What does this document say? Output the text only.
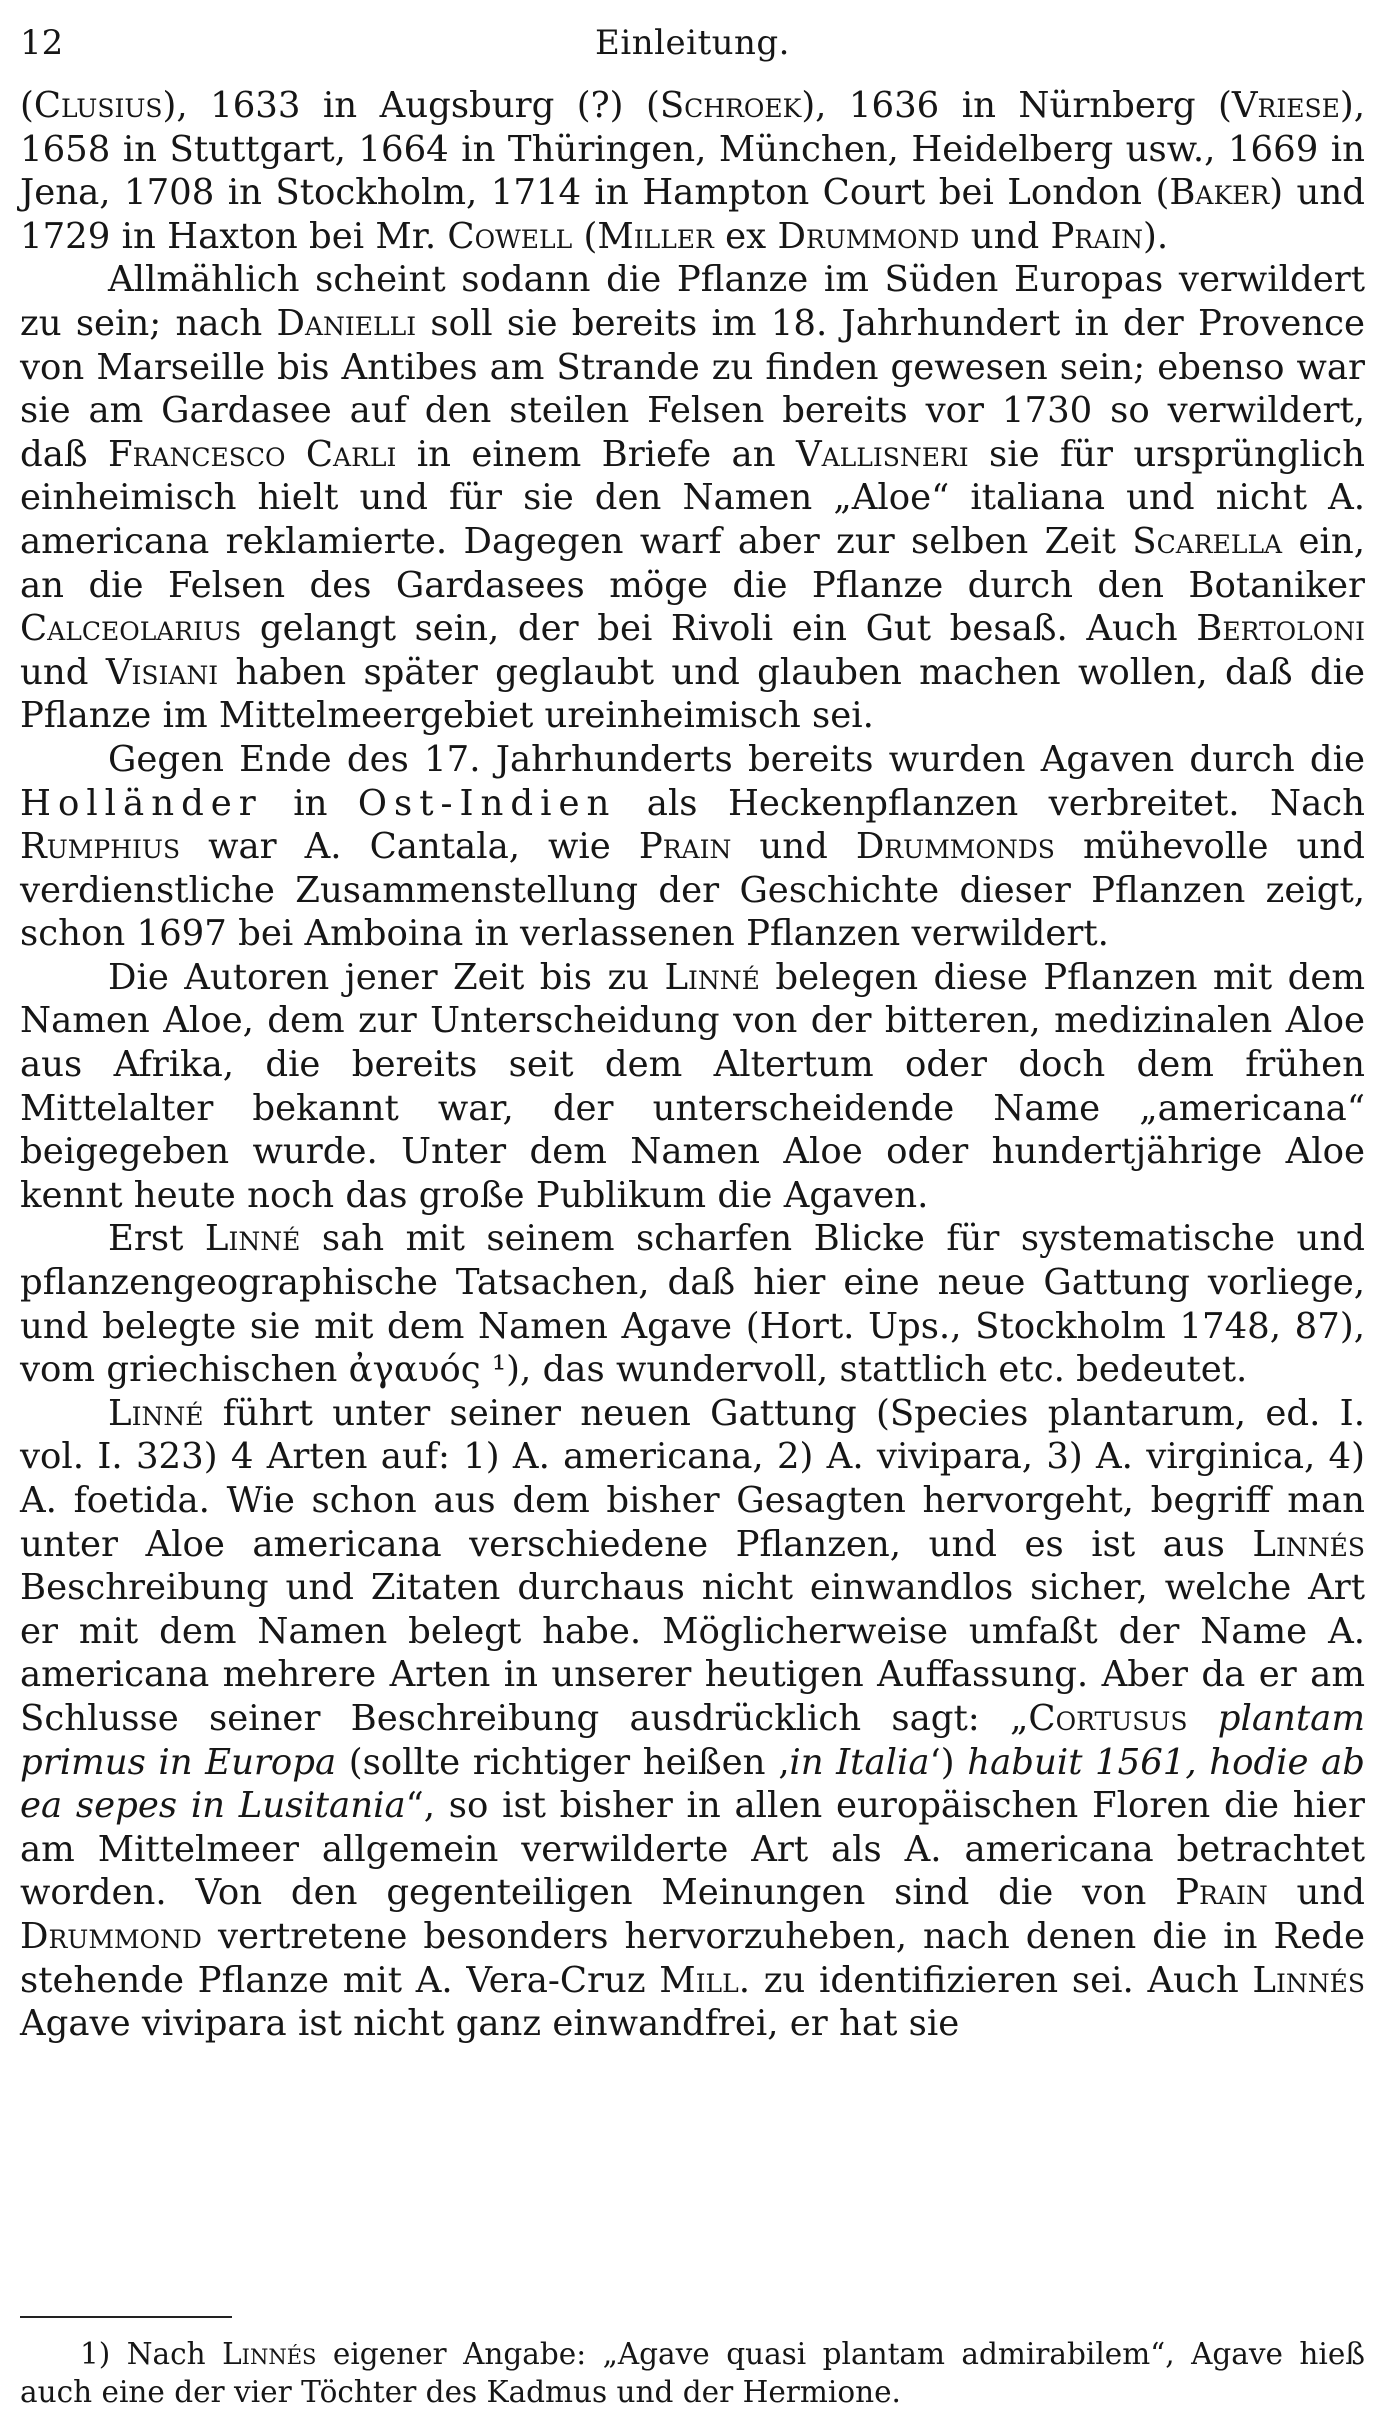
12	Einleitung.

(Clusius), 1633 in Augsburg (?) (Schroek), 1636 in Nürnberg (Vriese), 1658 in Stuttgart, 1664 in Thüringen, München, Heidelberg usw., 1669 in Jena, 1708 in Stockholm, 1714 in Hampton Court bei London (Baker) und 1729 in Haxton bei Mr. Cowell (Miller ex Drummond und Prain).

Allmählich scheint sodann die Pflanze im Süden Europas verwildert zu sein; nach Danielli soll sie bereits im 18. Jahrhundert in der Provence von Marseille bis Antibes am Strande zu finden gewesen sein; ebenso war sie am Gardasee auf den steilen Felsen bereits vor 1730 so verwildert, daß Francesco Carli in einem Briefe an Vallisneri sie für ursprünglich einheimisch hielt und für sie den Namen „Aloe“ italiana und nicht A. americana reklamierte. Dagegen warf aber zur selben Zeit Scarella ein, an die Felsen des Gardasees möge die Pflanze durch den Botaniker Calceolarius gelangt sein, der bei Rivoli ein Gut besaß. Auch Bertoloni und Visiani haben später geglaubt und glauben machen wollen, daß die Pflanze im Mittelmeergebiet ureinheimisch sei.

Gegen Ende des 17. Jahrhunderts bereits wurden Agaven durch die Holländer in Ost-Indien als Heckenpflanzen verbreitet. Nach Rumphius war A. Cantala, wie Prain und Drummonds mühevolle und verdienstliche Zusammenstellung der Geschichte dieser Pflanzen zeigt, schon 1697 bei Amboina in verlassenen Pflanzen verwildert.

Die Autoren jener Zeit bis zu Linné belegen diese Pflanzen mit dem Namen Aloe, dem zur Unterscheidung von der bitteren, medizinalen Aloe aus Afrika, die bereits seit dem Altertum oder doch dem frühen Mittelalter bekannt war, der unterscheidende Name „americana“ beigegeben wurde. Unter dem Namen Aloe oder hundertjährige Aloe kennt heute noch das große Publikum die Agaven.

Erst Linné sah mit seinem scharfen Blicke für systematische und pflanzengeographische Tatsachen, daß hier eine neue Gattung vorliege, und belegte sie mit dem Namen Agave (Hort. Ups., Stockholm 1748, 87), vom griechischen ἀγαυός ¹), das wundervoll, stattlich etc. bedeutet.

Linné führt unter seiner neuen Gattung (Species plantarum, ed. I. vol. I. 323) 4 Arten auf: 1) A. americana, 2) A. vivipara, 3) A. virginica, 4) A. foetida. Wie schon aus dem bisher Gesagten hervorgeht, begriff man unter Aloe americana verschiedene Pflanzen, und es ist aus Linnés Beschreibung und Zitaten durchaus nicht einwandlos sicher, welche Art er mit dem Namen belegt habe. Möglicherweise umfaßt der Name A. americana mehrere Arten in unserer heutigen Auffassung. Aber da er am Schlusse seiner Beschreibung ausdrücklich sagt: „Cortusus plantam primus in Europa (sollte richtiger heißen ‚in Italia‘) habuit 1561, hodie ab ea sepes in Lusitania“, so ist bisher in allen europäischen Floren die hier am Mittelmeer allgemein verwilderte Art als A. americana betrachtet worden. Von den gegenteiligen Meinungen sind die von Prain und Drummond vertretene besonders hervorzuheben, nach denen die in Rede stehende Pflanze mit A. Vera-Cruz Mill. zu identifizieren sei. Auch Linnés Agave vivipara ist nicht ganz einwandfrei, er hat sie

1) Nach Linnés eigener Angabe: „Agave quasi plantam admirabilem“, Agave hieß auch eine der vier Töchter des Kadmus und der Hermione.
